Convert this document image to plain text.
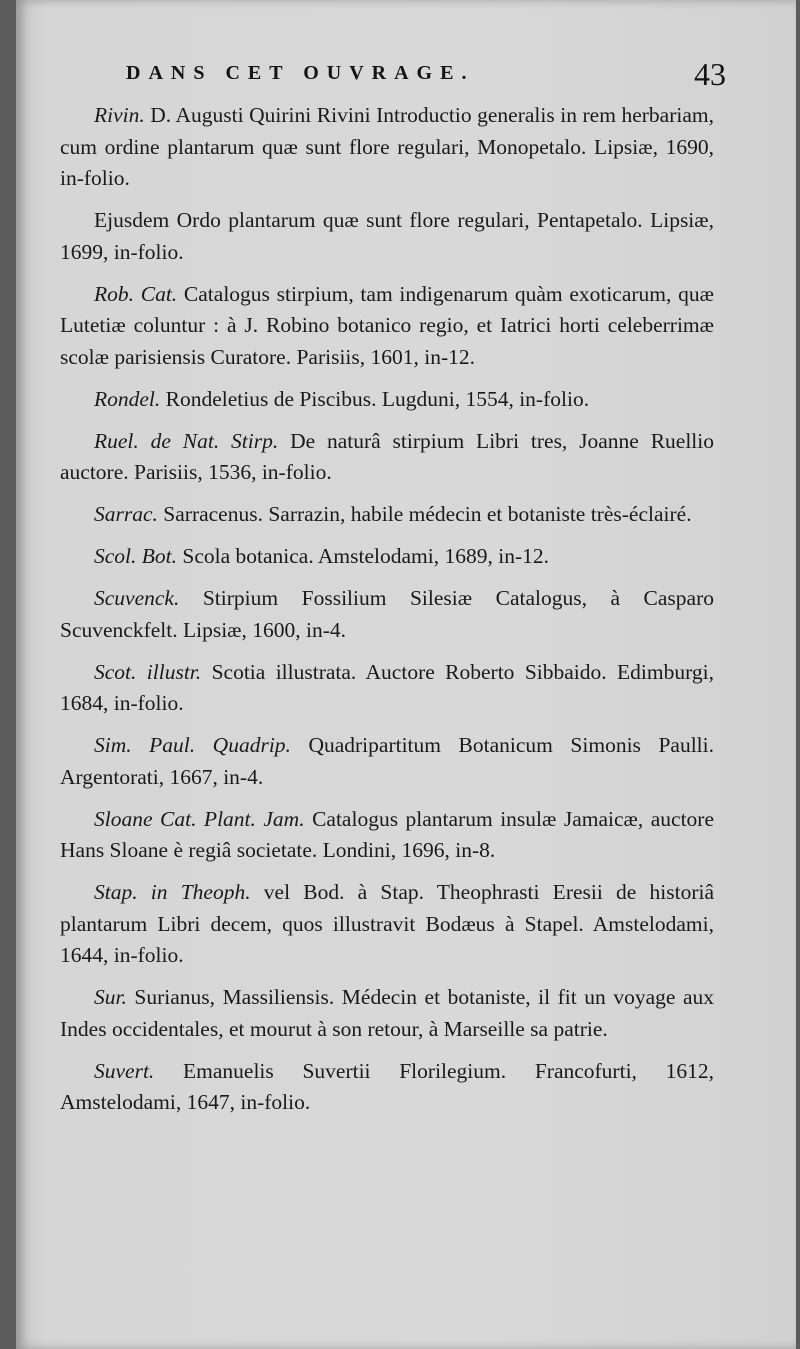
DANS CET OUVRAGE.	43

Rivin. D. Augusti Quirini Rivini Introductio generalis in rem herbariam, cum ordine plantarum quæ sunt flore regulari, Monopetalo. Lipsiæ, 1690, in-folio.

Ejusdem Ordo plantarum quæ sunt flore regulari, Pentapetalo. Lipsiæ, 1699, in-folio.

Rob. Cat. Catalogus stirpium, tam indigenarum quàm exoticarum, quæ Lutetiæ coluntur : à J. Robino botanico regio, et Iatrici horti celeberrimæ scolæ parisiensis Curatore. Parisiis, 1601, in-12.

Rondel. Rondeletius de Piscibus. Lugduni, 1554, in-folio.

Ruel. de Nat. Stirp. De naturâ stirpium Libri tres, Joanne Ruellio auctore. Parisiis, 1536, in-folio.

Sarrac. Sarracenus. Sarrazin, habile médecin et botaniste très-éclairé.

Scol. Bot. Scola botanica. Amstelodami, 1689, in-12.

Scuvenck. Stirpium Fossilium Silesiæ Catalogus, à Casparo Scuvenckfelt. Lipsiæ, 1600, in-4.

Scot. illustr. Scotia illustrata. Auctore Roberto Sibbaido. Edimburgi, 1684, in-folio.

Sim. Paul. Quadrip. Quadripartitum Botanicum Simonis Paulli. Argentorati, 1667, in-4.

Sloane Cat. Plant. Jam. Catalogus plantarum insulæ Jamaicæ, auctore Hans Sloane è regiâ societate. Londini, 1696, in-8.

Stap. in Theoph. vel Bod. à Stap. Theophrasti Eresii de historiâ plantarum Libri decem, quos illustravit Bodæus à Stapel. Amstelodami, 1644, in-folio.

Sur. Surianus, Massiliensis. Médecin et botaniste, il fit un voyage aux Indes occidentales, et mourut à son retour, à Marseille sa patrie.

Suvert. Emanuelis Suvertii Florilegium. Francofurti, 1612, Amstelodami, 1647, in-folio.
